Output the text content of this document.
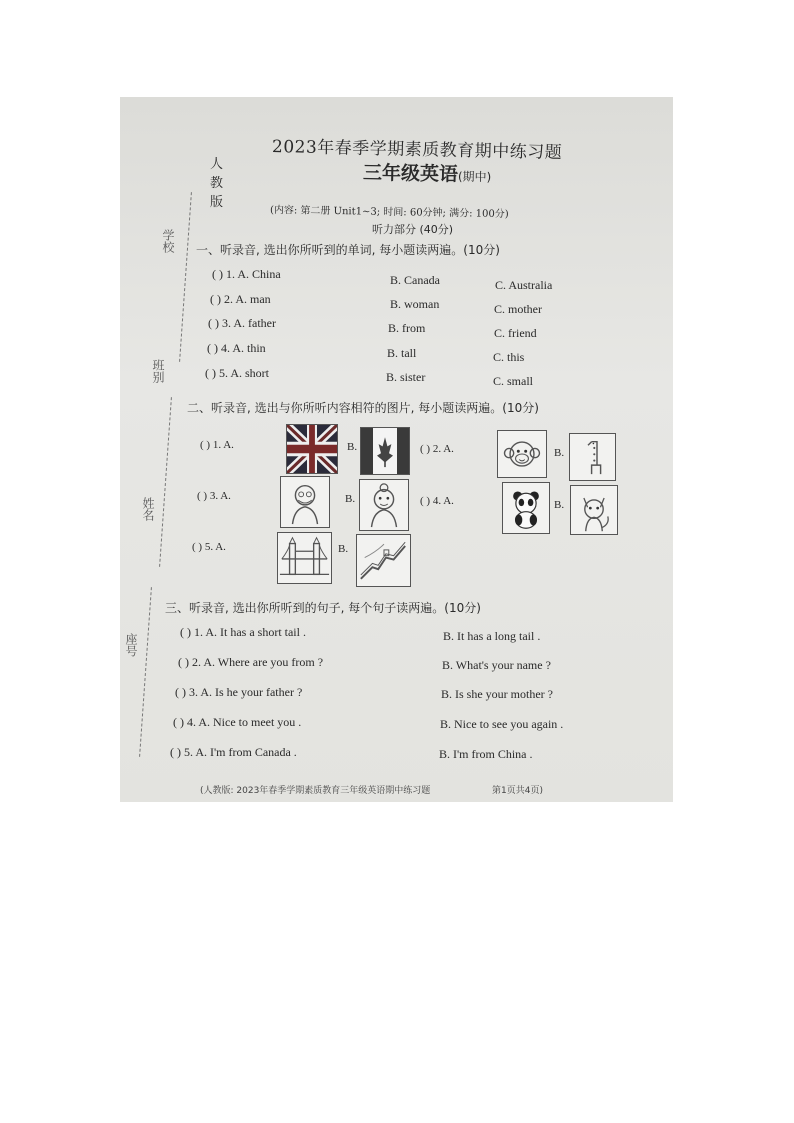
2023年春季学期素质教育期中练习题
三年级英语(期中)
人
教
版
(内容: 第二册 Unit1~3; 时间: 60分钟; 满分: 100分)
听力部分 (40分)
学校
班别
姓名
座号
一、听录音, 选出你所听到的单词, 每小题读两遍。(10分)
( ) 1. A. China	B. Canada	C. Australia
( ) 2. A. man	B. woman	C. mother
( ) 3. A. father	B. from	C. friend
( ) 4. A. thin	B. tall	C. this
( ) 5. A. short	B. sister	C. small
二、听录音, 选出与你所听内容相符的图片, 每小题读两遍。(10分)
( ) 1. A.	B.	( ) 2. A.	B.
( ) 3. A.	B.	( ) 4. A.	B.
( ) 5. A.	B.
三、听录音, 选出你所听到的句子, 每个句子读两遍。(10分)
( ) 1. A. It has a short tail .	B. It has a long tail .
( ) 2. A. Where are you from ?	B. What's your name ?
( ) 3. A. Is he your father ?	B. Is she your mother ?
( ) 4. A. Nice to meet you .	B. Nice to see you again .
( ) 5. A. I'm from Canada .	B. I'm from China .
(人教版: 2023年春季学期素质教育三年级英语期中练习题	第1页共4页)
